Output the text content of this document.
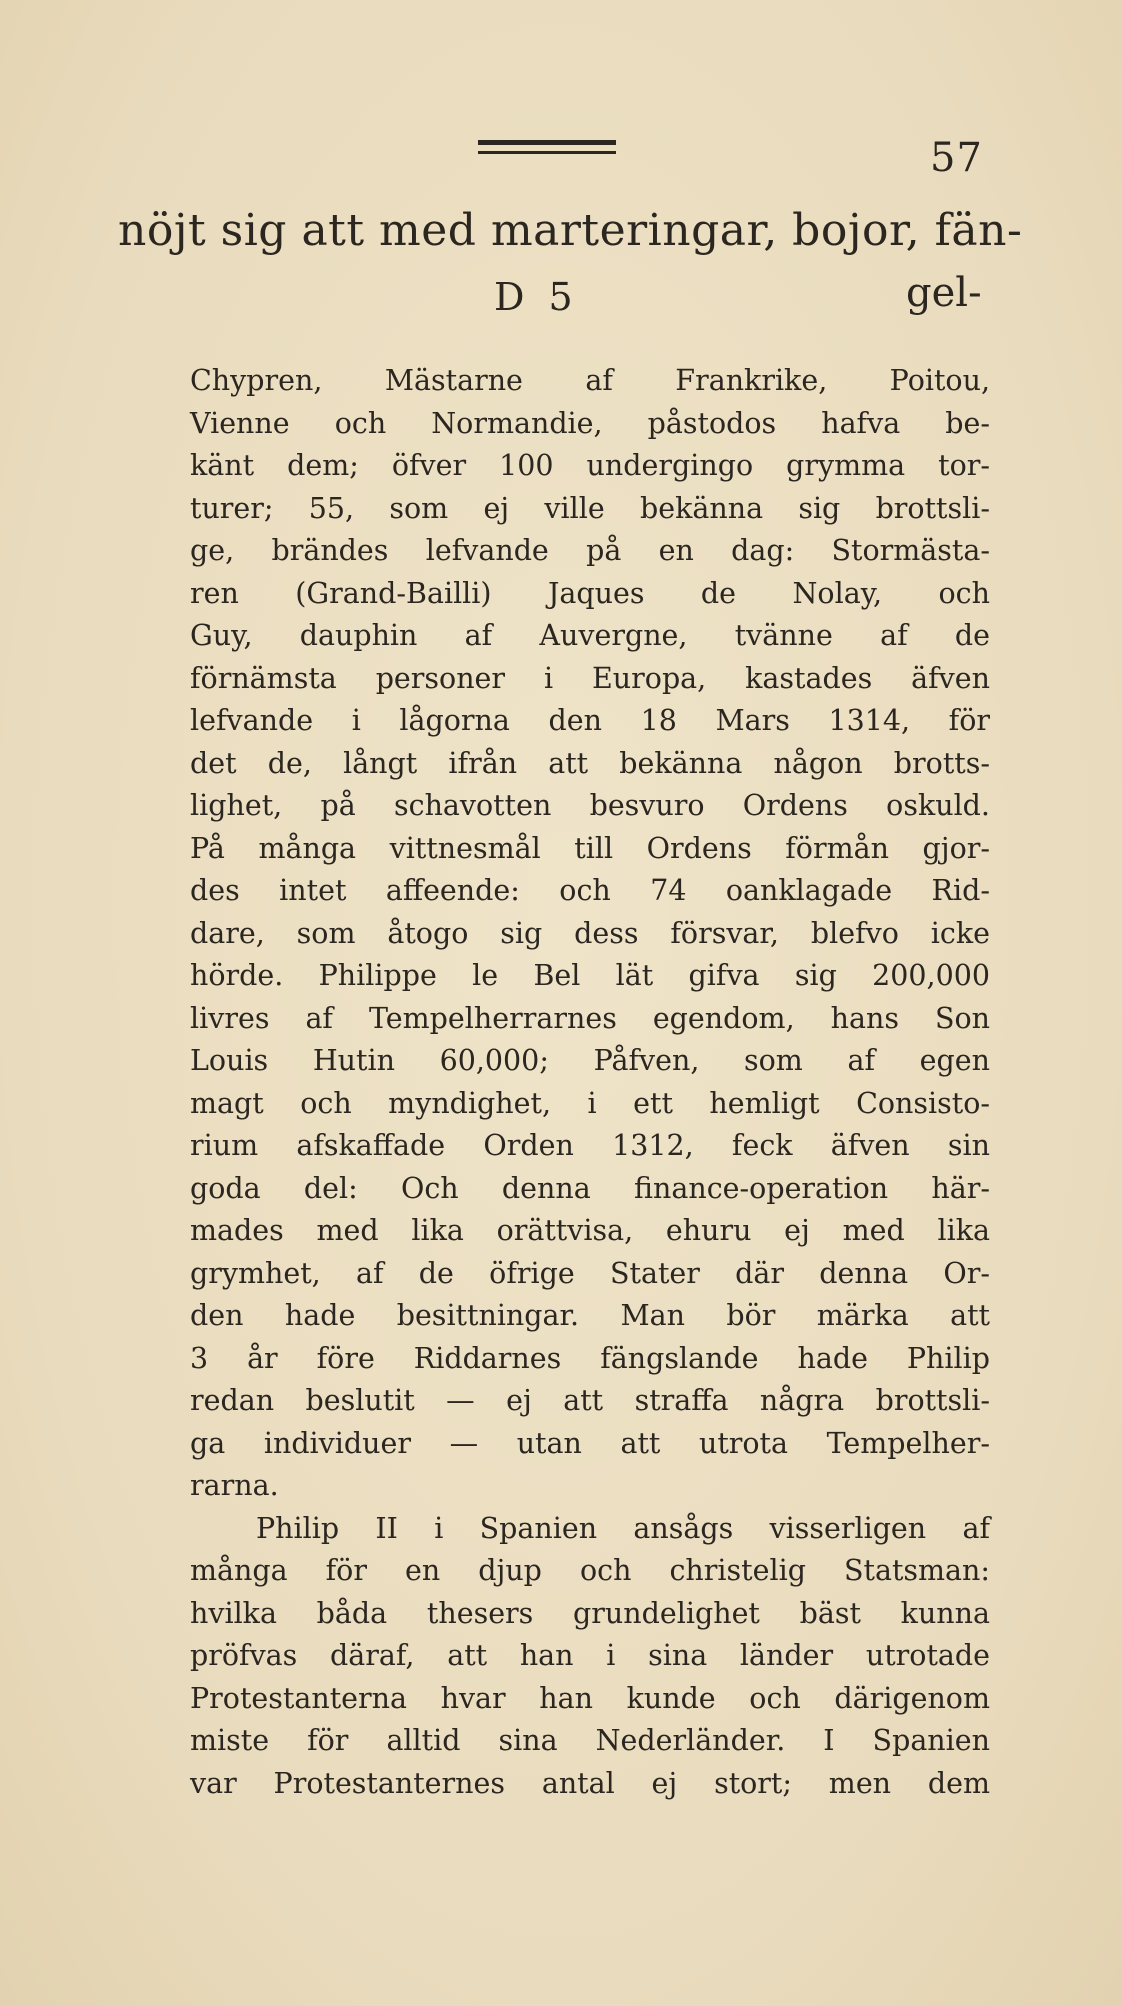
57
nöjt sig att med marteringar, bojor, fän-
D 5	gel-
Chypren, Mästarne af Frankrike, Poitou,
Vienne och Normandie, påstodos hafva be-
känt dem; öfver 100 undergingo grymma tor-
turer; 55, som ej ville bekänna sig brottsli-
ge, brändes lefvande på en dag: Stormästa-
ren (Grand-Bailli) Jaques de Nolay, och
Guy, dauphin af Auvergne, tvänne af de
förnämsta personer i Europa, kastades äfven
lefvande i lågorna den 18 Mars 1314, för
det de, långt ifrån att bekänna någon brotts-
lighet, på schavotten besvuro Ordens oskuld.
På många vittnesmål till Ordens förmån gjor-
des intet affeende: och 74 oanklagade Rid-
dare, som åtogo sig dess försvar, blefvo icke
hörde. Philippe le Bel lät gifva sig 200,000
livres af Tempelherrarnes egendom, hans Son
Louis Hutin 60,000; Påfven, som af egen
magt och myndighet, i ett hemligt Consisto-
rium afskaffade Orden 1312, feck äfven sin
goda del: Och denna finance-operation här-
mades med lika orättvisa, ehuru ej med lika
grymhet, af de öfrige Stater där denna Or-
den hade besittningar. Man bör märka att
3 år före Riddarnes fängslande hade Philip
redan beslutit — ej att straffa några brottsli-
ga individuer — utan att utrota Tempelher-
rarna.
Philip II i Spanien ansågs visserligen af
många för en djup och christelig Statsman:
hvilka båda thesers grundelighet bäst kunna
pröfvas däraf, att han i sina länder utrotade
Protestanterna hvar han kunde och därigenom
miste för alltid sina Nederländer. I Spanien
var Protestanternes antal ej stort; men dem
